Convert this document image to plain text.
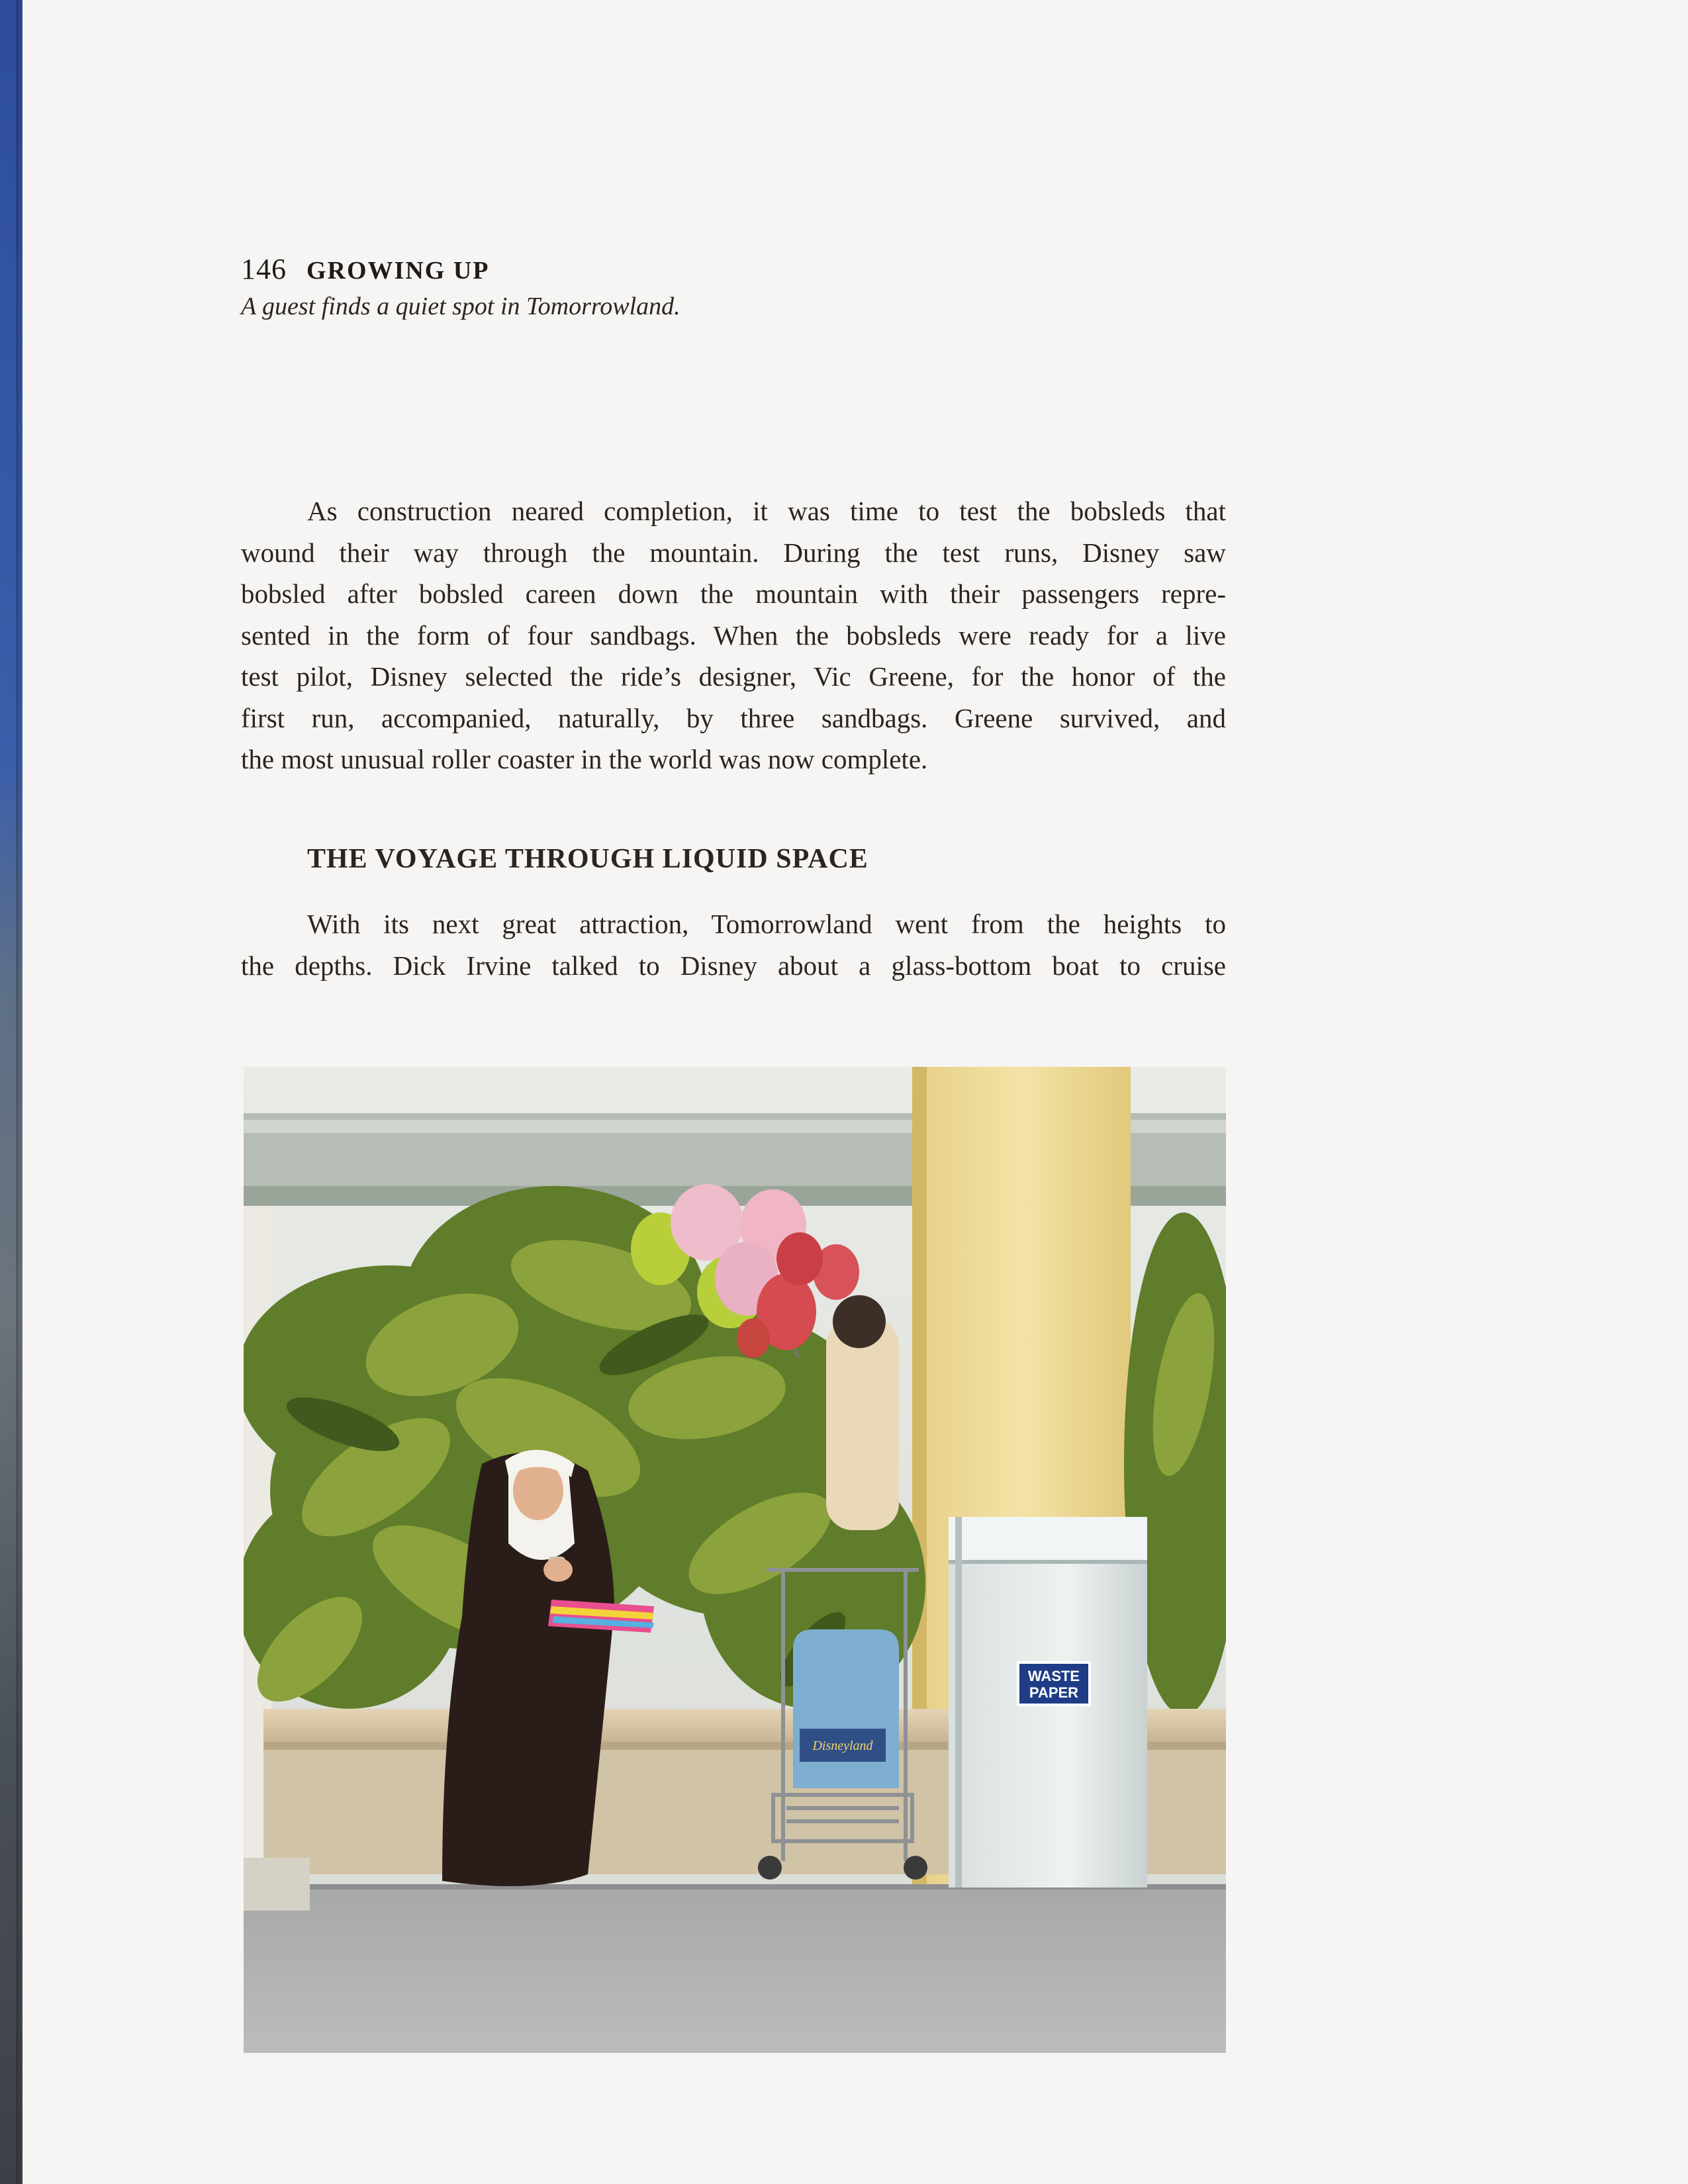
146 GROWING UP
A guest finds a quiet spot in Tomorrowland.
As construction neared completion, it was time to test the bobsleds that
wound their way through the mountain. During the test runs, Disney saw
bobsled after bobsled careen down the mountain with their passengers repre-
sented in the form of four sandbags. When the bobsleds were ready for a live
test pilot, Disney selected the ride’s designer, Vic Greene, for the honor of the
first run, accompanied, naturally, by three sandbags. Greene survived, and
the most unusual roller coaster in the world was now complete.
THE VOYAGE THROUGH LIQUID SPACE
With its next great attraction, Tomorrowland went from the heights to
the depths. Dick Irvine talked to Disney about a glass-bottom boat to cruise
Disneyland
WASTE
PAPER
